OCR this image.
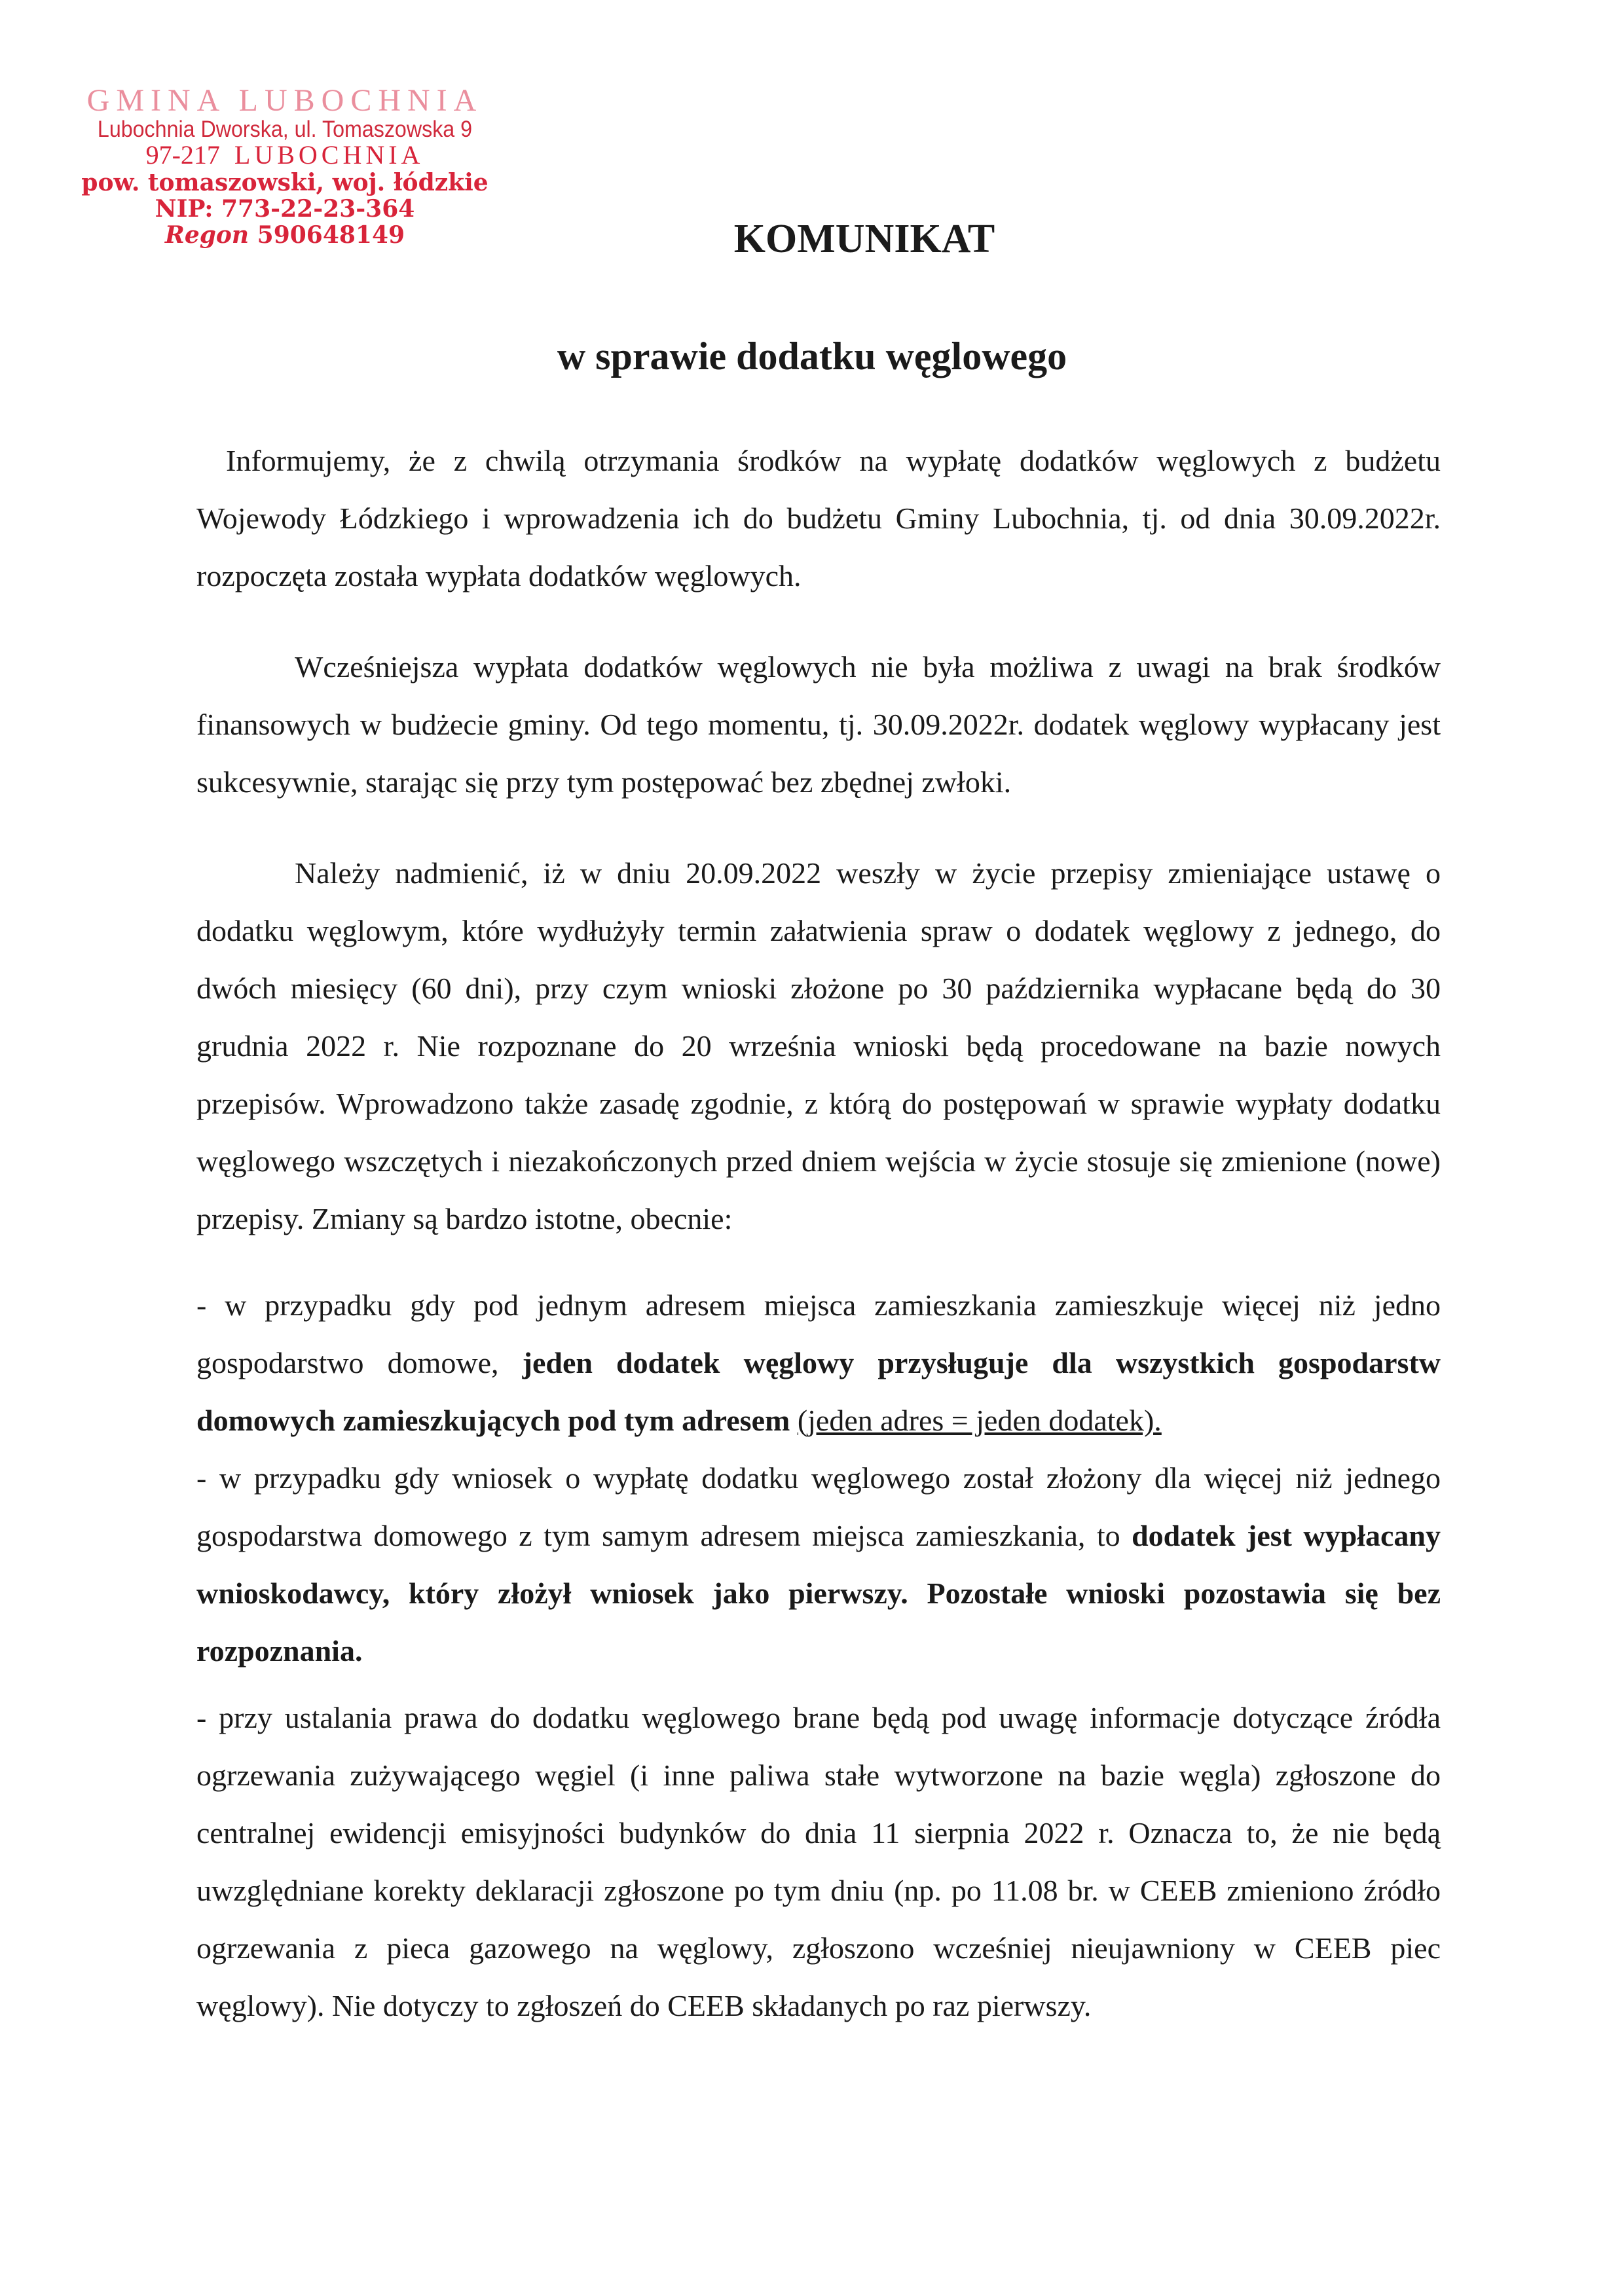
GMINA LUBOCHNIA
Lubochnia Dworska, ul. Tomaszowska 9
97-217 LUBOCHNIA
pow. tomaszowski, woj. łódzkie
NIP: 773-22-23-364
Regon 590648149	KOMUNIKAT
w sprawie dodatku węglowego

Informujemy, że z chwilą otrzymania środków na wypłatę dodatków węglowych z budżetu Wojewody Łódzkiego i wprowadzenia ich do budżetu Gminy Lubochnia, tj. od dnia 30.09.2022r. rozpoczęta została wypłata dodatków węglowych.

Wcześniejsza wypłata dodatków węglowych nie była możliwa z uwagi na brak środków finansowych w budżecie gminy. Od tego momentu, tj. 30.09.2022r. dodatek węglowy wypłacany jest sukcesywnie, starając się przy tym postępować bez zbędnej zwłoki.

Należy nadmienić, iż w dniu 20.09.2022 weszły w życie przepisy zmieniające ustawę o dodatku węglowym, które wydłużyły termin załatwienia spraw o dodatek węglowy z jednego, do dwóch miesięcy (60 dni), przy czym wnioski złożone po 30 października wypłacane będą do 30 grudnia 2022 r. Nie rozpoznane do 20 września wnioski będą procedowane na bazie nowych przepisów. Wprowadzono także zasadę zgodnie, z którą do postępowań w sprawie wypłaty dodatku węglowego wszczętych i niezakończonych przed dniem wejścia w życie stosuje się zmienione (nowe) przepisy. Zmiany są bardzo istotne, obecnie:

- w przypadku gdy pod jednym adresem miejsca zamieszkania zamieszkuje więcej niż jedno gospodarstwo domowe, jeden dodatek węglowy przysługuje dla wszystkich gospodarstw domowych zamieszkujących pod tym adresem (jeden adres = jeden dodatek).

- w przypadku gdy wniosek o wypłatę dodatku węglowego został złożony dla więcej niż jednego gospodarstwa domowego z tym samym adresem miejsca zamieszkania, to dodatek jest wypłacany wnioskodawcy, który złożył wniosek jako pierwszy. Pozostałe wnioski pozostawia się bez rozpoznania.

- przy ustalania prawa do dodatku węglowego brane będą pod uwagę informacje dotyczące źródła ogrzewania zużywającego węgiel (i inne paliwa stałe wytworzone na bazie węgla) zgłoszone do centralnej ewidencji emisyjności budynków do dnia 11 sierpnia 2022 r. Oznacza to, że nie będą uwzględniane korekty deklaracji zgłoszone po tym dniu (np. po 11.08 br. w CEEB zmieniono źródło ogrzewania z pieca gazowego na węglowy, zgłoszono wcześniej nieujawniony w CEEB piec węglowy). Nie dotyczy to zgłoszeń do CEEB składanych po raz pierwszy.
